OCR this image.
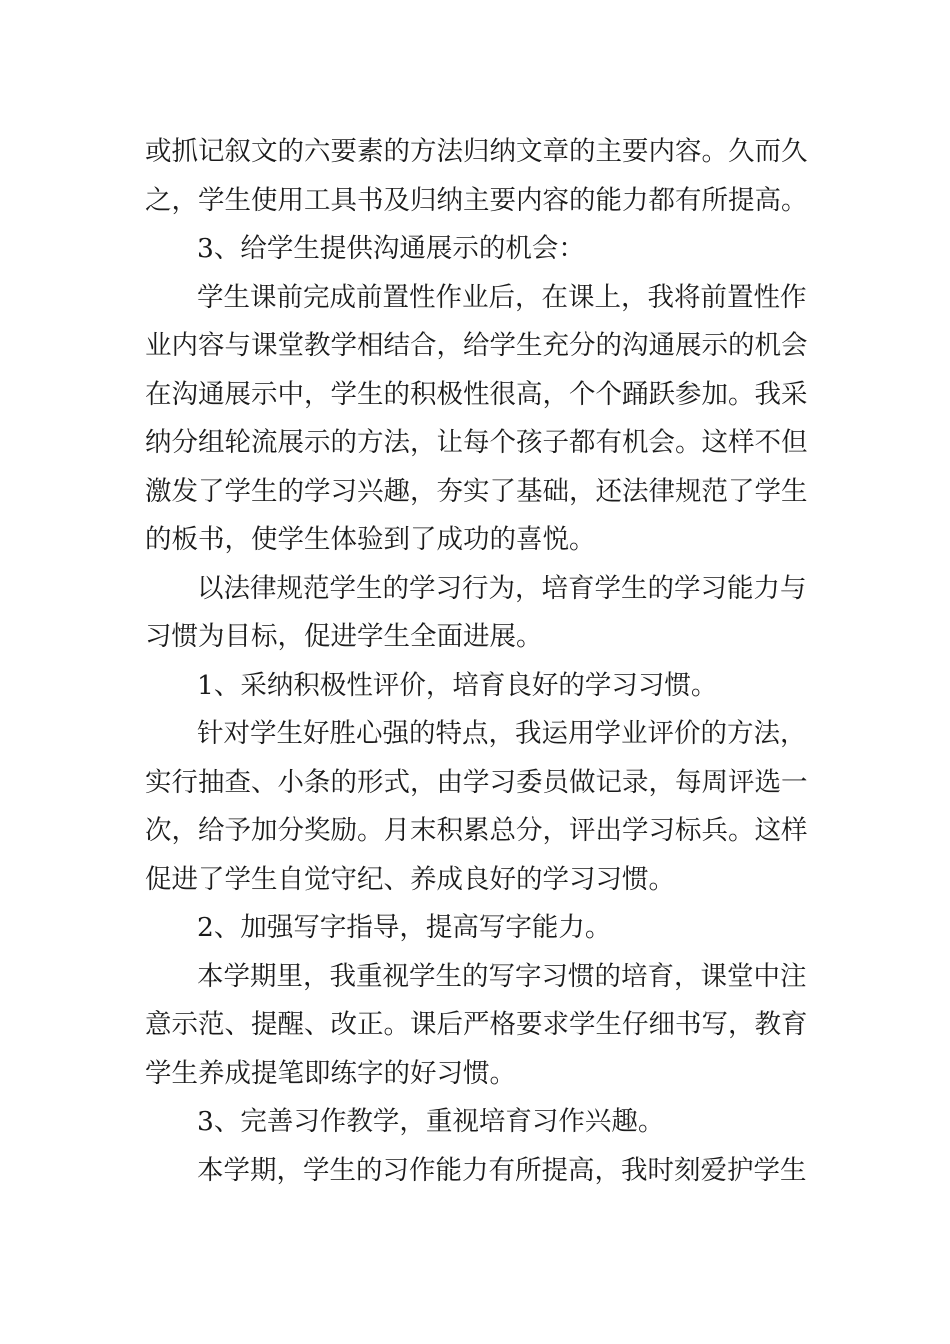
或抓记叙文的六要素的方法归纳文章的主要内容。久而久
之，学生使用工具书及归纳主要内容的能力都有所提高。
3、给学生提供沟通展示的机会：
学生课前完成前置性作业后，在课上，我将前置性作
业内容与课堂教学相结合，给学生充分的沟通展示的机会
在沟通展示中，学生的积极性很高，个个踊跃参加。我采
纳分组轮流展示的方法，让每个孩子都有机会。这样不但
激发了学生的学习兴趣，夯实了基础，还法律规范了学生
的板书，使学生体验到了成功的喜悦。
以法律规范学生的学习行为，培育学生的学习能力与
习惯为目标，促进学生全面进展。
1、采纳积极性评价，培育良好的学习习惯。
针对学生好胜心强的特点，我运用学业评价的方法，
实行抽查、小条的形式，由学习委员做记录，每周评选一
次，给予加分奖励。月末积累总分，评出学习标兵。这样
促进了学生自觉守纪、养成良好的学习习惯。
2、加强写字指导，提高写字能力。
本学期里，我重视学生的写字习惯的培育，课堂中注
意示范、提醒、改正。课后严格要求学生仔细书写，教育
学生养成提笔即练字的好习惯。
3、完善习作教学，重视培育习作兴趣。
本学期，学生的习作能力有所提高，我时刻爱护学生
